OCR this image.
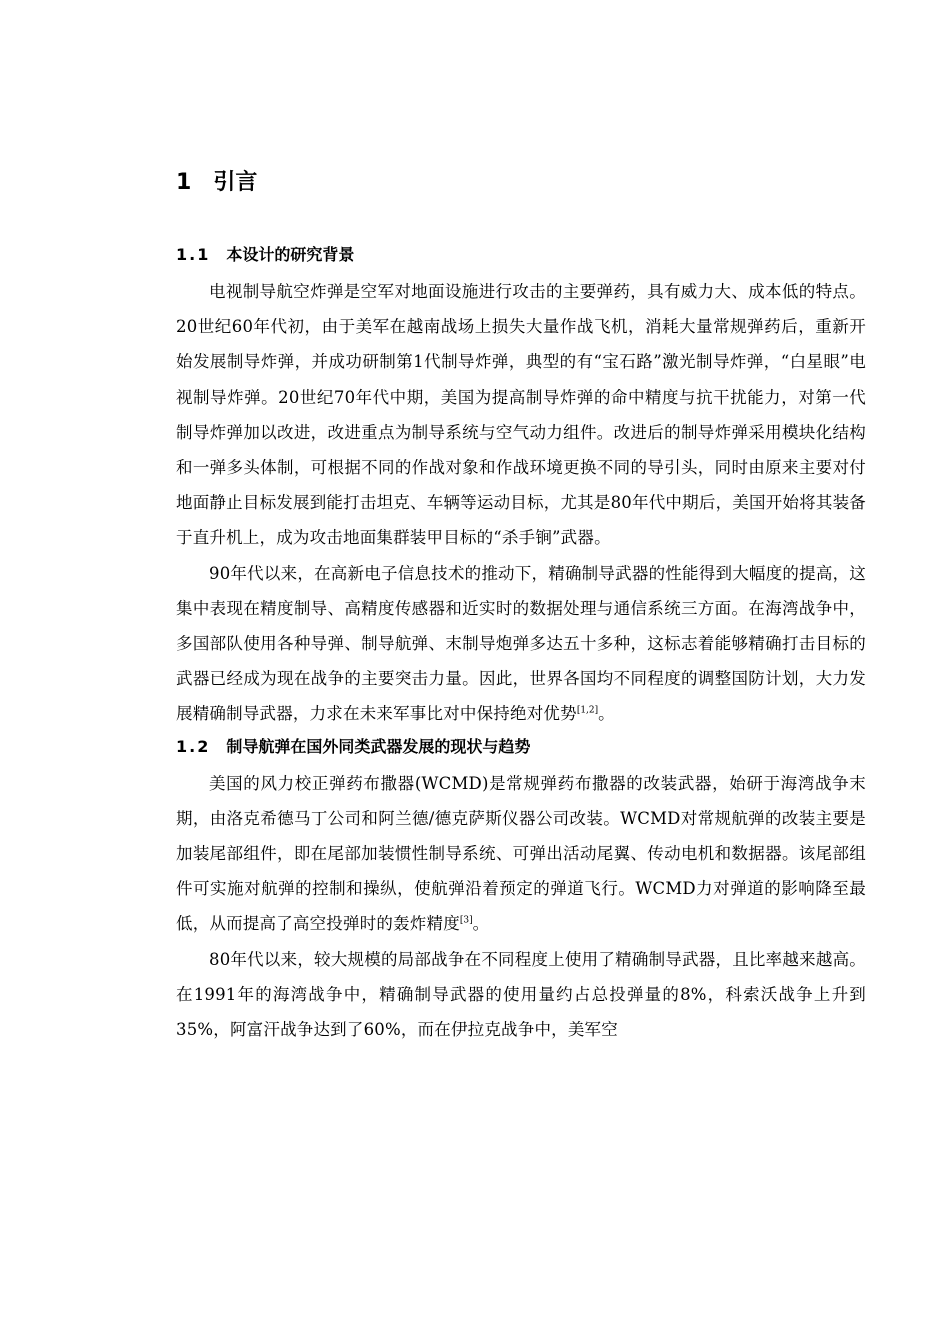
1 引言
1.1 本设计的研究背景

电视制导航空炸弹是空军对地面设施进行攻击的主要弹药，具有威力大、成本低的特点。20世纪60年代初，由于美军在越南战场上损失大量作战飞机，消耗大量常规弹药后，重新开始发展制导炸弹，并成功研制第1代制导炸弹，典型的有“宝石路”激光制导炸弹，“白星眼”电视制导炸弹。20世纪70年代中期，美国为提高制导炸弹的命中精度与抗干扰能力，对第一代制导炸弹加以改进，改进重点为制导系统与空气动力组件。改进后的制导炸弹采用模块化结构和一弹多头体制，可根据不同的作战对象和作战环境更换不同的导引头，同时由原来主要对付地面静止目标发展到能打击坦克、车辆等运动目标，尤其是80年代中期后，美国开始将其装备于直升机上，成为攻击地面集群装甲目标的“杀手锏”武器。

90年代以来，在高新电子信息技术的推动下，精确制导武器的性能得到大幅度的提高，这集中表现在精度制导、高精度传感器和近实时的数据处理与通信系统三方面。在海湾战争中，多国部队使用各种导弹、制导航弹、末制导炮弹多达五十多种，这标志着能够精确打击目标的武器已经成为现在战争的主要突击力量。因此，世界各国均不同程度的调整国防计划，大力发展精确制导武器，力求在未来军事比对中保持绝对优势[1,2]。

1.2 制导航弹在国外同类武器发展的现状与趋势

美国的风力校正弹药布撒器(WCMD)是常规弹药布撒器的改装武器，始研于海湾战争末期，由洛克希德马丁公司和阿兰德/德克萨斯仪器公司改装。WCMD对常规航弹的改装主要是加装尾部组件，即在尾部加装惯性制导系统、可弹出活动尾翼、传动电机和数据器。该尾部组件可实施对航弹的控制和操纵，使航弹沿着预定的弹道飞行。WCMD力对弹道的影响降至最低，从而提高了高空投弹时的轰炸精度[3]。

80年代以来，较大规模的局部战争在不同程度上使用了精确制导武器，且比率越来越高。在1991年的海湾战争中，精确制导武器的使用量约占总投弹量的8%，科索沃战争上升到35%，阿富汗战争达到了60%，而在伊拉克战争中，美军空
